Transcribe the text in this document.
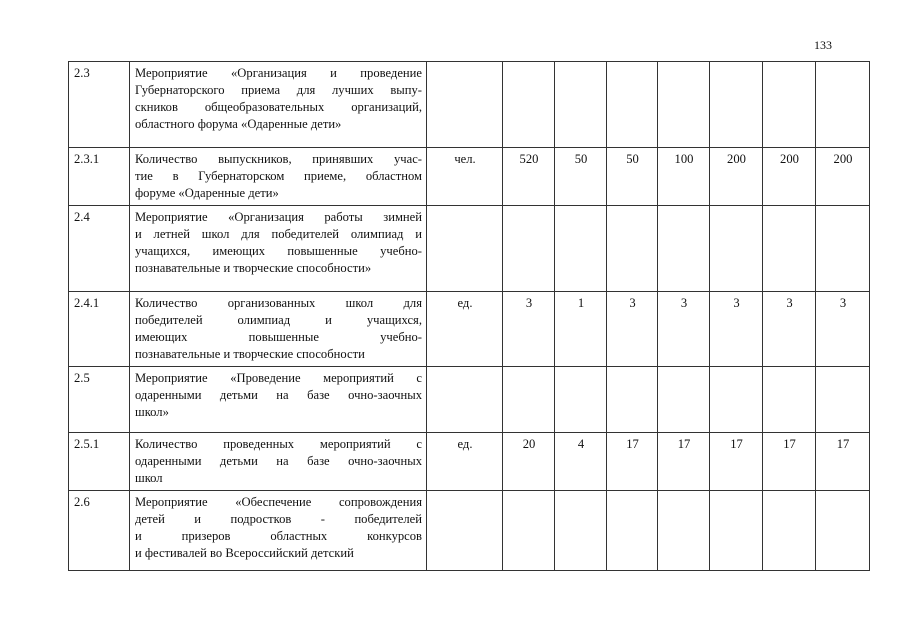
133
2.3	Мероприятие «Организация и проведение
Губернаторского приема для лучших выпу-
скников общеобразовательных организаций,
областного форума «Одаренные дети»								

2.3.1	Количество выпускников, принявших учас-
тие в Губернаторском приеме, областном
форуме «Одаренные дети»	чел.	520	50	50	100	200	200	200
2.4	Мероприятие «Организация работы зимней
и летней школ для победителей олимпиад и
учащихся, имеющих повышенные учебно-
познавательные и творческие способности»								

2.4.1	Количество организованных школ для
победителей олимпиад и учащихся,
имеющих повышенные учебно-
познавательные и творческие способности	ед.	3	1	3	3	3	3	3
2.5	Мероприятие «Проведение мероприятий с
одаренными детьми на базе очно-заочных
школ»								

2.5.1	Количество проведенных мероприятий с
одаренными детьми на базе очно-заочных
школ	ед.	20	4	17	17	17	17	17
2.6	Мероприятие «Обеспечение сопровождения
детей и подростков - победителей
и призеров областных конкурсов
и фестивалей во Всероссийский детский								
